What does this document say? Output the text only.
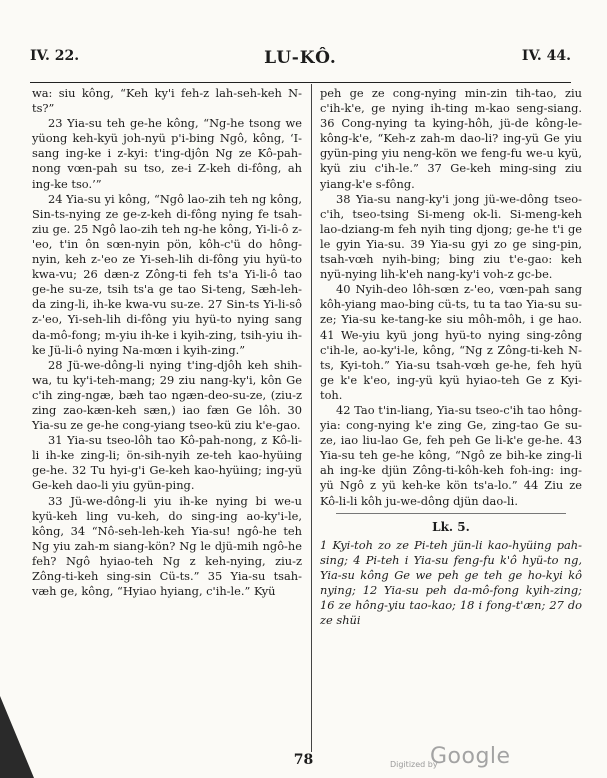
IV. 22.	LU-KÔ.	IV. 44.

wa: siu kông, “Keh ky'i feh-z lah-seh-keh N-ts?”

23 Yia-su teh ge-he kông, “Ng-he tsong we yüong keh-kyü joh-nyü p'i-bing Ngô, kông, ‘I-sang ing-ke i z-kyi: t'ing-djôn Ng ze Kô-pah-nong vœn-pah su tso, ze-i Z-keh di-fông, ah ing-ke tso.’”

24 Yia-su yi kông, “Ngô lao-zih teh ng kông, Sin-ts-nying ze ge-z-keh di-fông nying fe tsah-ziu ge. 25 Ngô lao-zih teh ng-he kông, Yi-li-ô z-'eo, t'in ôn sœn-nyin pön, kôh-c'ü do hông-nyin, keh z-'eo ze Yi-seh-lih di-fông yiu hyü-to kwa-vu; 26 dæn-z Zông-ti feh ts'a Yi-li-ô tao ge-he su-ze, tsih ts'a ge tao Si-teng, Sæh-leh-da zing-li, ih-ke kwa-vu su-ze. 27 Sin-ts Yi-li-sô z-'eo, Yi-seh-lih di-fông yiu hyü-to nying sang da-mô-fong; m-yiu ih-ke i kyih-zing, tsih-yiu ih-ke Jü-li-ô nying Na-mœn i kyih-zing.”

28 Jü-we-dông-li nying t'ing-djôh keh shih-wa, tu ky'i-teh-mang; 29 ziu nang-ky'i, kôn Ge c'ih zing-ngæ, bæh tao ngæn-deo-su-ze, (ziu-z zing zao-kæn-keh sæn,) iao fæn Ge lôh. 30 Yia-su ze ge-he cong-yiang tseo-kü ziu k'e-gao.

31 Yia-su tseo-lôh tao Kô-pah-nong, z Kô-li-li ih-ke zing-li; ön-sih-nyih ze-teh kao-hyüing ge-he. 32 Tu hyi-g'i Ge-keh kao-hyüing; ing-yü Ge-keh dao-li yiu gyün-ping.

33 Jü-we-dông-li yiu ih-ke nying bi we-u kyü-keh ling vu-keh, do sing-ing ao-ky'i-le, kông, 34 “Nô-seh-leh-keh Yia-su! ngô-he teh Ng yiu zah-m siang-kön? Ng le djü-mih ngô-he feh? Ngô hyiao-teh Ng z keh-nying, ziu-z Zông-ti-keh sing-sin Cü-ts.” 35 Yia-su tsah-væh ge, kông, “Hyiao hyiang, c'ih-le.” Kyü

peh ge ze cong-nying min-zin tih-tao, ziu c'ih-k'e, ge nying ih-ting m-kao seng-siang. 36 Cong-nying ta kying-hôh, jü-de kông-le-kông-k'e, “Keh-z zah-m dao-li? ing-yü Ge yiu gyün-ping yiu neng-kön we feng-fu we-u kyü, kyü ziu c'ih-le.” 37 Ge-keh ming-sing ziu yiang-k'e s-fông.

38 Yia-su nang-ky'i jong jü-we-dông tseo-c'ih, tseo-tsing Si-meng ok-li. Si-meng-keh lao-dziang-m feh nyih ting djong; ge-he t'i ge le gyin Yia-su. 39 Yia-su gyi zo ge sing-pin, tsah-vœh nyih-bing; bing ziu t'e-gao: keh nyü-nying lih-k'eh nang-ky'i voh-z gc-be.

40 Nyih-deo lôh-sœn z-'eo, vœn-pah sang kôh-yiang mao-bing cü-ts, tu ta tao Yia-su su-ze; Yia-su ke-tang-ke siu môh-môh, i ge hao. 41 We-yiu kyü jong hyü-to nying sing-zông c'ih-le, ao-ky'i-le, kông, “Ng z Zông-ti-keh N-ts, Kyi-toh.” Yia-su tsah-vœh ge-he, feh hyü ge k'e k'eo, ing-yü kyü hyiao-teh Ge z Kyi-toh.

42 Tao t'in-liang, Yia-su tseo-c'ih tao hông-yia: cong-nying k'e zing Ge, zing-tao Ge su-ze, iao liu-lao Ge, feh peh Ge li-k'e ge-he. 43 Yia-su teh ge-he kông, “Ngô ze bih-ke zing-li ah ing-ke djün Zông-ti-kôh-keh foh-ing: ing-yü Ngô z yü keh-ke kön ts'a-lo.” 44 Ziu ze Kô-li-li kôh ju-we-dông djün dao-li.

Lk. 5.

1 Kyi-toh zo ze Pi-teh jün-li kao-hyüing pah-sing; 4 Pi-teh i Yia-su feng-fu k'ô hyü-to ng, Yia-su kông Ge we peh ge teh ge ho-kyi kô nying; 12 Yia-su peh da-mô-fong kyih-zing; 16 ze hông-yiu tao-kao; 18 i fong-t'æn; 27 do ze shüi

78	Digitized by
Google
